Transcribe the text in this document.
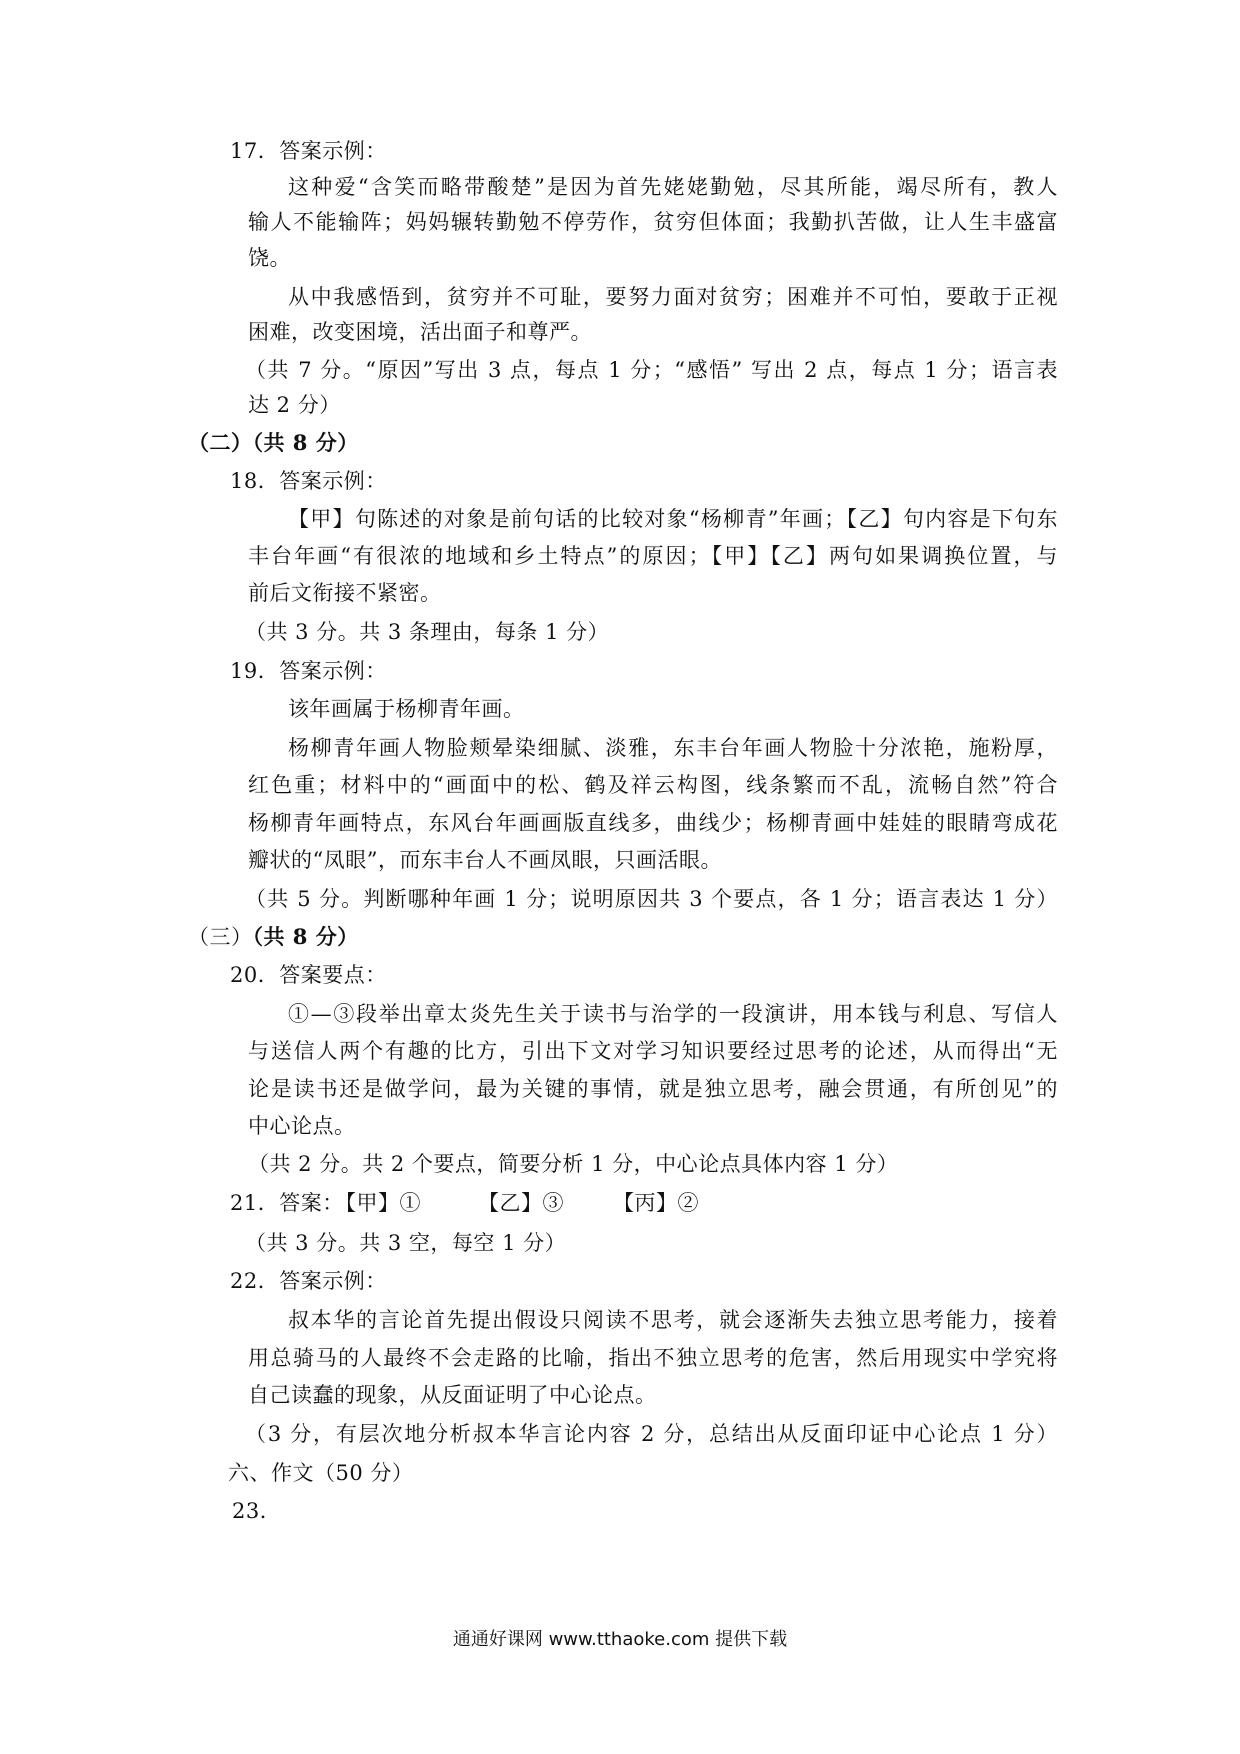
17．答案示例：
这种爱“含笑而略带酸楚”是因为首先姥姥勤勉，尽其所能，竭尽所有，教人
输人不能输阵；妈妈辗转勤勉不停劳作，贫穷但体面；我勤扒苦做，让人生丰盛富
饶。
从中我感悟到，贫穷并不可耻，要努力面对贫穷；困难并不可怕，要敢于正视
困难，改变困境，活出面子和尊严。
（共 7 分。“原因”写出 3 点，每点 1 分；“感悟” 写出 2 点，每点 1 分；语言表
达 2 分）
（二）（共 8 分）
18．答案示例：
【甲】句陈述的对象是前句话的比较对象“杨柳青”年画；【乙】句内容是下句东
丰台年画“有很浓的地域和乡土特点”的原因；【甲】【乙】两句如果调换位置，与
前后文衔接不紧密。
（共 3 分。共 3 条理由，每条 1 分）
19．答案示例：
该年画属于杨柳青年画。
杨柳青年画人物脸颊晕染细腻、淡雅，东丰台年画人物脸十分浓艳，施粉厚，
红色重；材料中的“画面中的松、鹤及祥云构图，线条繁而不乱，流畅自然”符合
杨柳青年画特点，东风台年画画版直线多，曲线少；杨柳青画中娃娃的眼睛弯成花
瓣状的“凤眼”，而东丰台人不画凤眼，只画活眼。
（共 5 分。判断哪种年画 1 分；说明原因共 3 个要点，各 1 分；语言表达 1 分）
（三）（共 8 分）
20．答案要点：
①—③段举出章太炎先生关于读书与治学的一段演讲，用本钱与利息、写信人
与送信人两个有趣的比方，引出下文对学习知识要经过思考的论述，从而得出“无
论是读书还是做学问，最为关键的事情，就是独立思考，融会贯通，有所创见”的
中心论点。
（共 2 分。共 2 个要点，简要分析 1 分，中心论点具体内容 1 分）
21．答案：
【甲】①	【乙】③ 【丙】②
（共 3 分。共 3 空，每空 1 分）
22．答案示例：
叔本华的言论首先提出假设只阅读不思考，就会逐渐失去独立思考能力，接着
用总骑马的人最终不会走路的比喻，指出不独立思考的危害，然后用现实中学究将
自己读蠢的现象，从反面证明了中心论点。
（3 分，有层次地分析叔本华言论内容 2 分，总结出从反面印证中心论点 1 分）
六、作文（50 分）
23．
通通好课网 www.tthaoke.com 提供下载
